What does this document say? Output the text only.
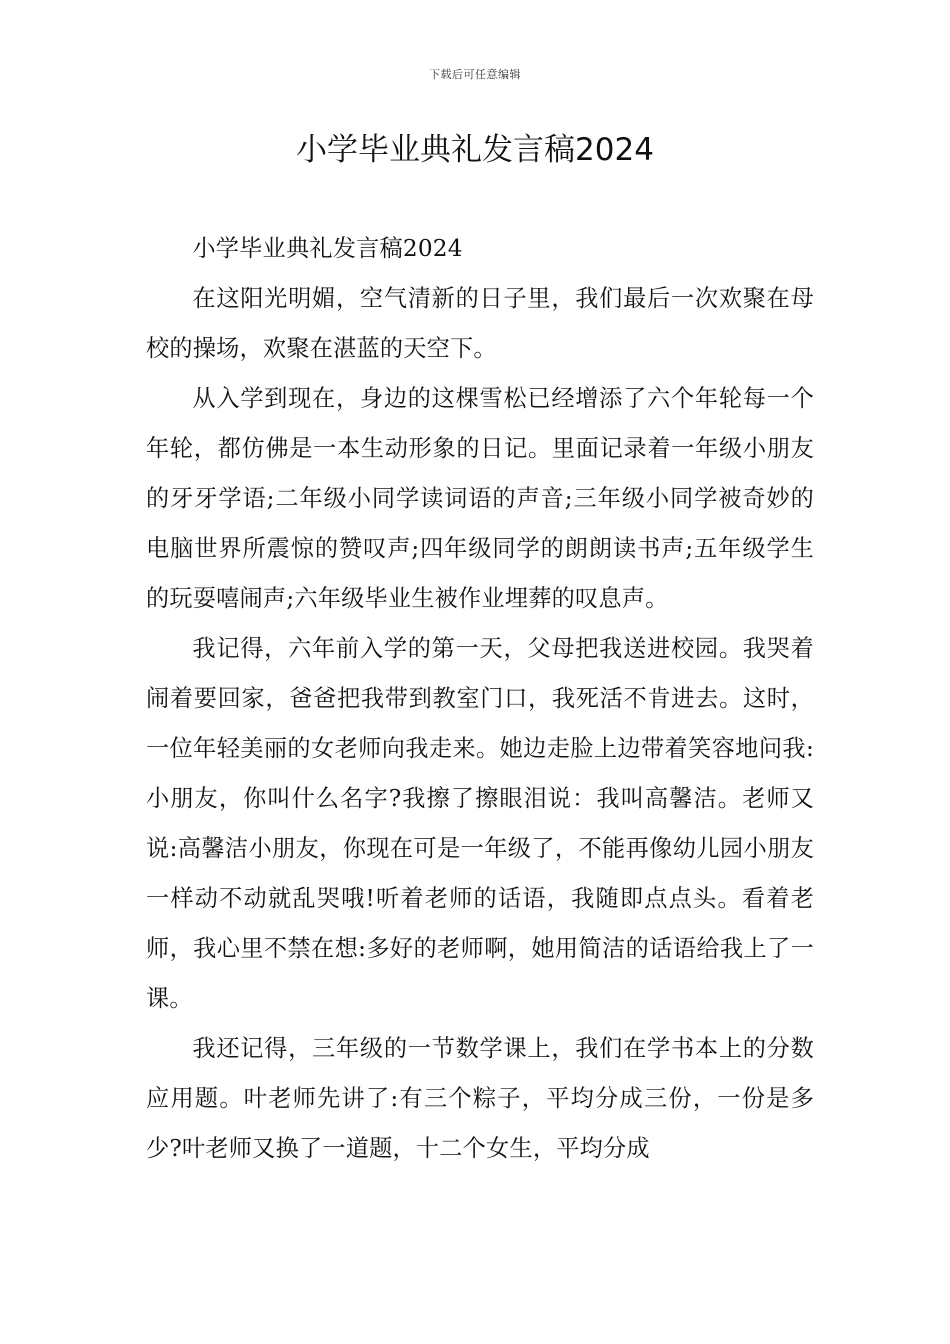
下载后可任意编辑
小学毕业典礼发言稿2024

小学毕业典礼发言稿2024

在这阳光明媚，空气清新的日子里，我们最后一次欢聚在母校的操场，欢聚在湛蓝的天空下。

从入学到现在，身边的这棵雪松已经增添了六个年轮每一个年轮，都仿佛是一本生动形象的日记。里面记录着一年级小朋友的牙牙学语;二年级小同学读词语的声音;三年级小同学被奇妙的电脑世界所震惊的赞叹声;四年级同学的朗朗读书声;五年级学生的玩耍嘻闹声;六年级毕业生被作业埋葬的叹息声。

我记得，六年前入学的第一天，父母把我送进校园。我哭着闹着要回家，爸爸把我带到教室门口，我死活不肯进去。这时，一位年轻美丽的女老师向我走来。她边走脸上边带着笑容地问我:小朋友，你叫什么名字?我擦了擦眼泪说：我叫高馨洁。老师又说:高馨洁小朋友，你现在可是一年级了，不能再像幼儿园小朋友一样动不动就乱哭哦!听着老师的话语，我随即点点头。看着老师，我心里不禁在想:多好的老师啊，她用简洁的话语给我上了一课。

我还记得，三年级的一节数学课上，我们在学书本上的分数应用题。叶老师先讲了:有三个粽子，平均分成三份，一份是多少?叶老师又换了一道题，十二个女生，平均分成
